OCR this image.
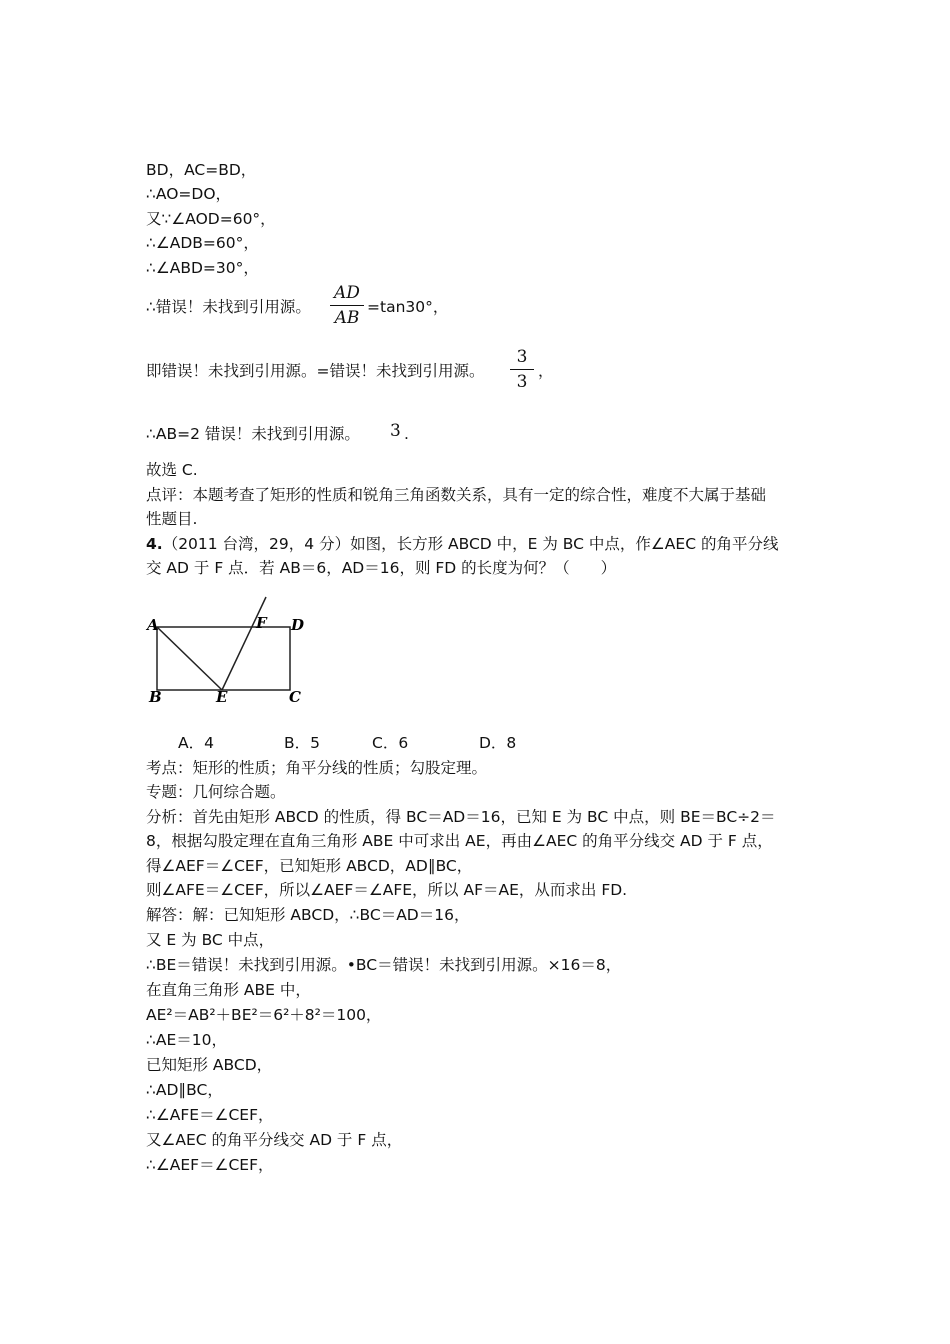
BD，AC=BD，
∴AO=DO，
又∵∠AOD=60°，
∴∠ADB=60°，
∴∠ABD=30°，
∴错误！未找到引用源。
AD
AB
=tan30°，
即错误！未找到引用源。=错误！未找到引用源。
3
3
，
∴AB=2 错误！未找到引用源。 3 .
故选 C.
点评：本题考查了矩形的性质和锐角三角函数关系，具有一定的综合性，难度不大属于基础
性题目.
4.（2011 台湾，29，4 分）如图，长方形 ABCD 中，E 为 BC 中点，作∠AEC 的角平分线
交 AD 于 F 点．若 AB＝6，AD＝16，则 FD 的长度为何？（　　）
A	F D
B	E	C
A．4	B．5	C．6	D．8
考点：矩形的性质；角平分线的性质；勾股定理。
专题：几何综合题。
分析：首先由矩形 ABCD 的性质，得 BC＝AD＝16，已知 E 为 BC 中点，则 BE＝BC÷2＝
8，根据勾股定理在直角三角形 ABE 中可求出 AE，再由∠AEC 的角平分线交 AD 于 F 点，
得∠AEF＝∠CEF，已知矩形 ABCD，AD∥BC，
则∠AFE＝∠CEF，所以∠AEF＝∠AFE，所以 AF＝AE，从而求出 FD.
解答：解：已知矩形 ABCD，∴BC＝AD＝16，
又 E 为 BC 中点，
∴BE＝错误！未找到引用源。•BC＝错误！未找到引用源。×16＝8，
在直角三角形 ABE 中，
AE²＝AB²＋BE²＝6²＋8²＝100，
∴AE＝10，
已知矩形 ABCD，
∴AD∥BC，
∴∠AFE＝∠CEF，
又∠AEC 的角平分线交 AD 于 F 点，
∴∠AEF＝∠CEF，
